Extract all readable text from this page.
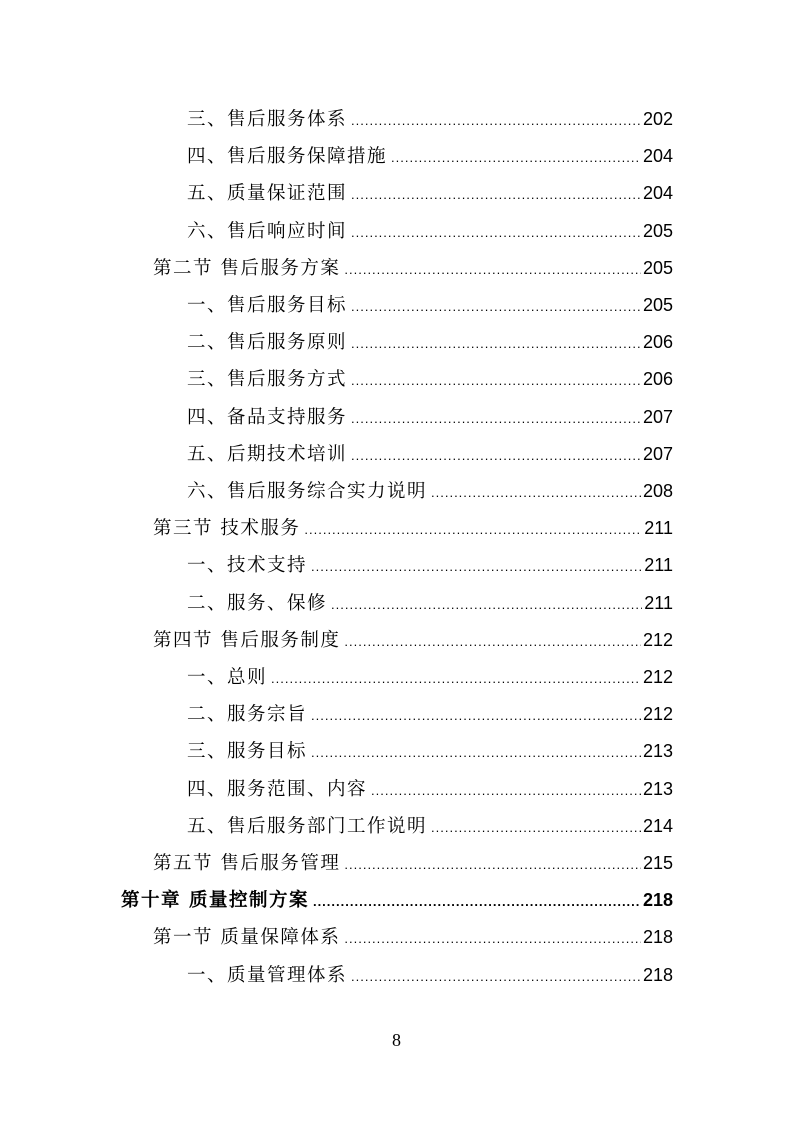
三、售后服务体系 .....	202
四、售后服务保障措施 .....	204
五、质量保证范围 .....	204
六、售后响应时间 .....	205
第二节 售后服务方案 .....	205
一、售后服务目标 .....	205
二、售后服务原则 .....	206
三、售后服务方式 .....	206
四、备品支持服务 .....	207
五、后期技术培训 .....	207
六、售后服务综合实力说明 .....	208
第三节 技术服务 .....	211
一、技术支持 .....	211
二、服务、保修 .....	211
第四节 售后服务制度 .....	212
一、总则 .....	212
二、服务宗旨 .....	212
三、服务目标 .....	213
四、服务范围、内容 .....	213
五、售后服务部门工作说明 .....	214
第五节 售后服务管理 .....	215
第十章 质量控制方案 .....	218
第一节 质量保障体系 .....	218
一、质量管理体系 .....	218
8
